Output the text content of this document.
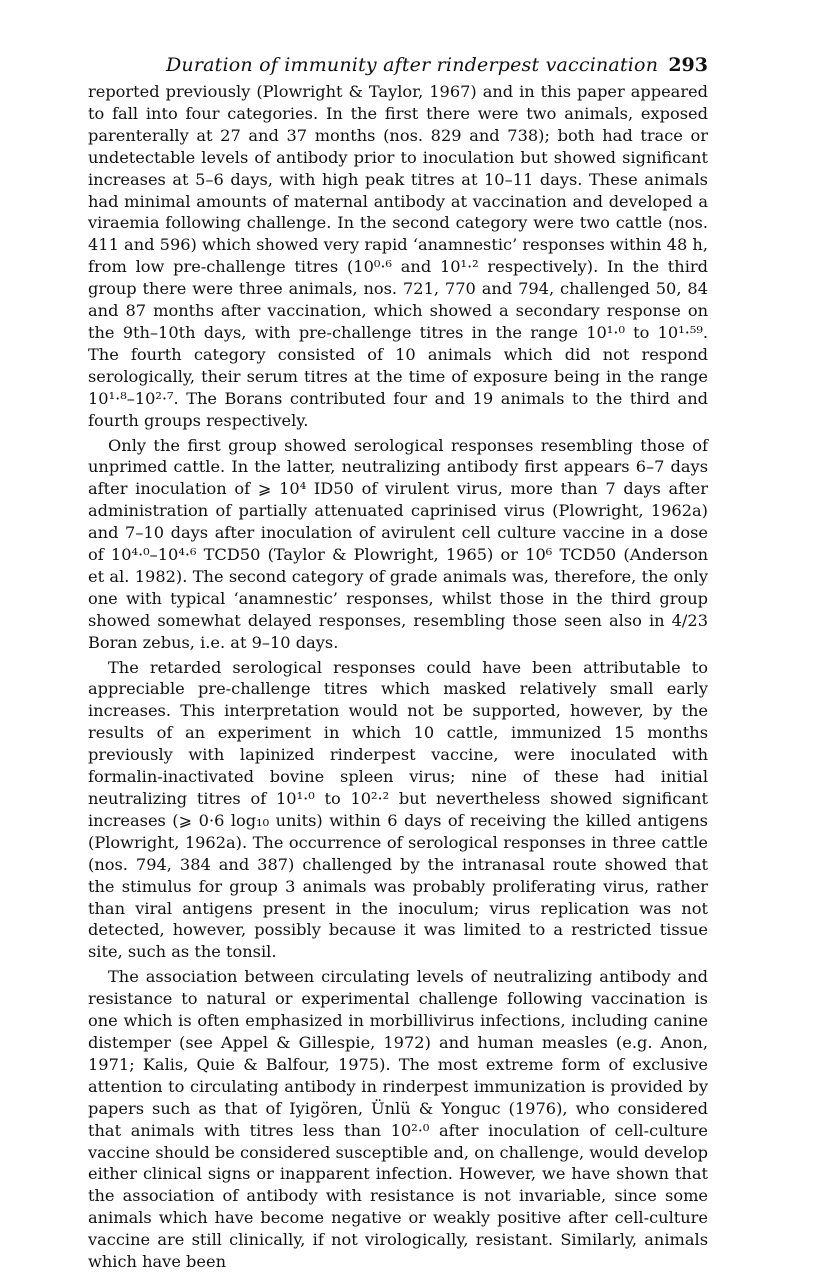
Duration of immunity after rinderpest vaccination 293

reported previously (Plowright & Taylor, 1967) and in this paper appeared to fall into four categories. In the first there were two animals, exposed parenterally at 27 and 37 months (nos. 829 and 738); both had trace or undetectable levels of antibody prior to inoculation but showed significant increases at 5–6 days, with high peak titres at 10–11 days. These animals had minimal amounts of maternal antibody at vaccination and developed a viraemia following challenge. In the second category were two cattle (nos. 411 and 596) which showed very rapid ‘anamnestic’ responses within 48 h, from low pre-challenge titres (10⁰·⁶ and 10¹·² respectively). In the third group there were three animals, nos. 721, 770 and 794, challenged 50, 84 and 87 months after vaccination, which showed a secondary response on the 9th–10th days, with pre-challenge titres in the range 10¹·⁰ to 10¹·⁵⁹. The fourth category consisted of 10 animals which did not respond serologically, their serum titres at the time of exposure being in the range 10¹·⁸–10²·⁷. The Borans contributed four and 19 animals to the third and fourth groups respectively.

Only the first group showed serological responses resembling those of unprimed cattle. In the latter, neutralizing antibody first appears 6–7 days after inoculation of ⩾ 10⁴ ID50 of virulent virus, more than 7 days after administration of partially attenuated caprinised virus (Plowright, 1962a) and 7–10 days after inoculation of avirulent cell culture vaccine in a dose of 10⁴·⁰–10⁴·⁶ TCD50 (Taylor & Plowright, 1965) or 10⁶ TCD50 (Anderson et al. 1982). The second category of grade animals was, therefore, the only one with typical ‘anamnestic’ responses, whilst those in the third group showed somewhat delayed responses, resembling those seen also in 4/23 Boran zebus, i.e. at 9–10 days.

The retarded serological responses could have been attributable to appreciable pre-challenge titres which masked relatively small early increases. This interpretation would not be supported, however, by the results of an experiment in which 10 cattle, immunized 15 months previously with lapinized rinderpest vaccine, were inoculated with formalin-inactivated bovine spleen virus; nine of these had initial neutralizing titres of 10¹·⁰ to 10²·² but nevertheless showed significant increases (⩾ 0·6 log₁₀ units) within 6 days of receiving the killed antigens (Plowright, 1962a). The occurrence of serological responses in three cattle (nos. 794, 384 and 387) challenged by the intranasal route showed that the stimulus for group 3 animals was probably proliferating virus, rather than viral antigens present in the inoculum; virus replication was not detected, however, possibly because it was limited to a restricted tissue site, such as the tonsil.

The association between circulating levels of neutralizing antibody and resistance to natural or experimental challenge following vaccination is one which is often emphasized in morbillivirus infections, including canine distemper (see Appel & Gillespie, 1972) and human measles (e.g. Anon, 1971; Kalis, Quie & Balfour, 1975). The most extreme form of exclusive attention to circulating antibody in rinderpest immunization is provided by papers such as that of Iyigören, Ünlü & Yonguc (1976), who considered that animals with titres less than 10²·⁰ after inoculation of cell-culture vaccine should be considered susceptible and, on challenge, would develop either clinical signs or inapparent infection. However, we have shown that the association of antibody with resistance is not invariable, since some animals which have become negative or weakly positive after cell-culture vaccine are still clinically, if not virologically, resistant. Similarly, animals which have been
